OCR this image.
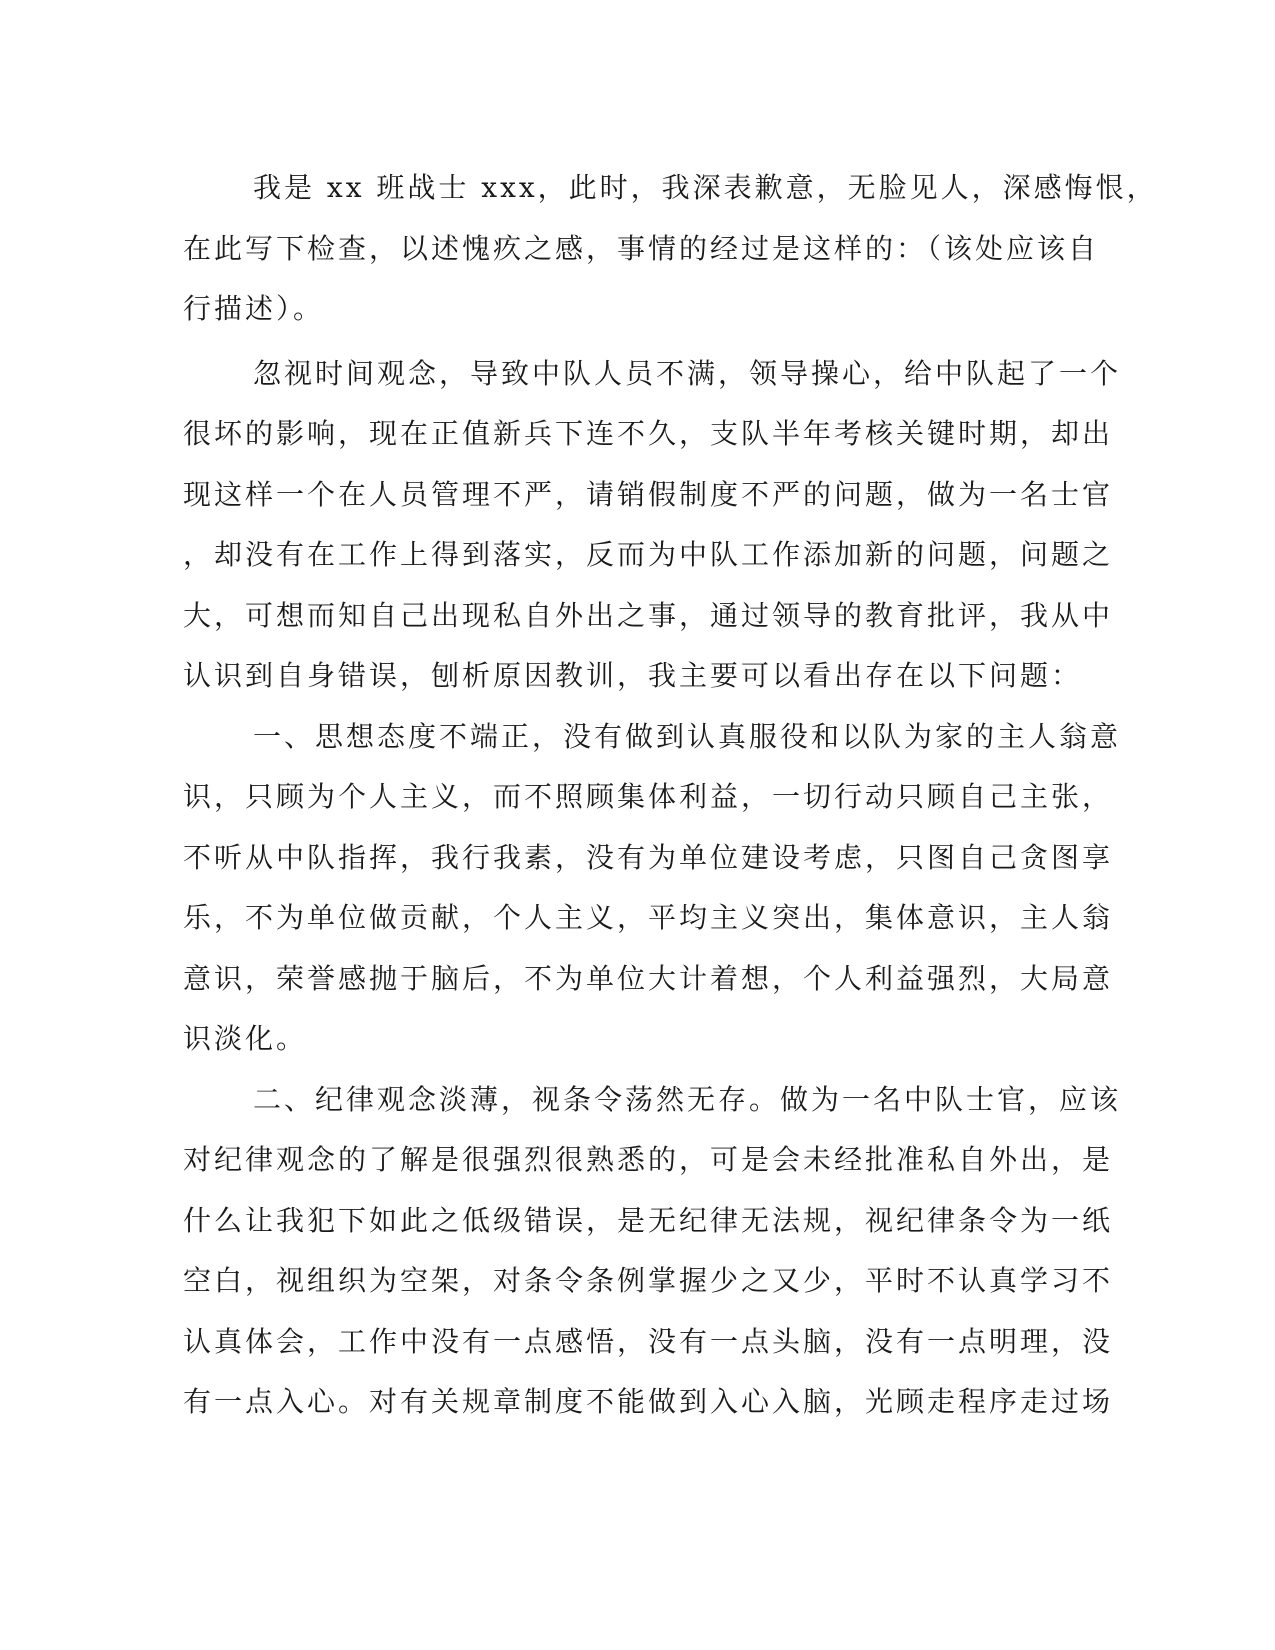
我是 xx 班战士 xxx，此时，我深表歉意，无脸见人，深感悔恨，
在此写下检查，以述愧疚之感，事情的经过是这样的：（该处应该自
行描述）。
忽视时间观念，导致中队人员不满，领导操心，给中队起了一个
很坏的影响，现在正值新兵下连不久，支队半年考核关键时期，却出
现这样一个在人员管理不严，请销假制度不严的问题，做为一名士官
，却没有在工作上得到落实，反而为中队工作添加新的问题，问题之
大，可想而知自己出现私自外出之事，通过领导的教育批评，我从中
认识到自身错误，刨析原因教训，我主要可以看出存在以下问题：
一、思想态度不端正，没有做到认真服役和以队为家的主人翁意
识，只顾为个人主义，而不照顾集体利益，一切行动只顾自己主张，
不听从中队指挥，我行我素，没有为单位建设考虑，只图自己贪图享
乐，不为单位做贡献，个人主义，平均主义突出，集体意识，主人翁
意识，荣誉感抛于脑后，不为单位大计着想，个人利益强烈，大局意
识淡化。
二、纪律观念淡薄，视条令荡然无存。做为一名中队士官，应该
对纪律观念的了解是很强烈很熟悉的，可是会未经批准私自外出，是
什么让我犯下如此之低级错误，是无纪律无法规，视纪律条令为一纸
空白，视组织为空架，对条令条例掌握少之又少，平时不认真学习不
认真体会，工作中没有一点感悟，没有一点头脑，没有一点明理，没
有一点入心。对有关规章制度不能做到入心入脑，光顾走程序走过场
